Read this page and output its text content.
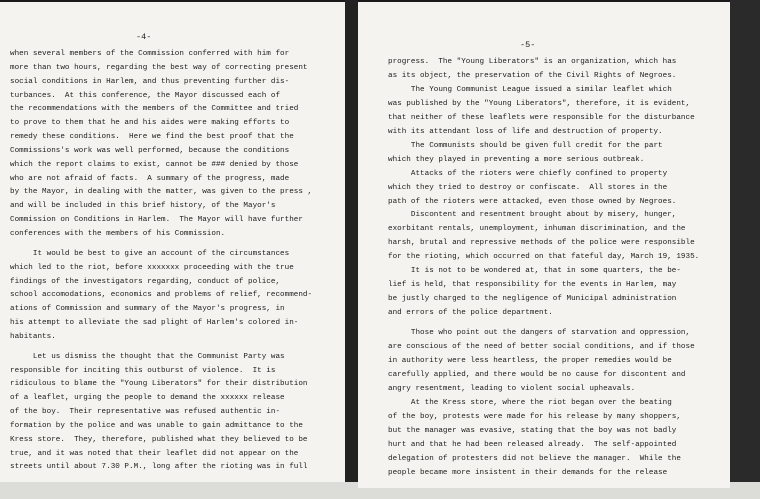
-4-
when several members of the Commission conferred with him for
more than two hours, regarding the best way of correcting present
social conditions in Harlem, and thus preventing further dis-
turbances.  At this conference, the Mayor discussed each of
the recommendations with the members of the Committee and tried
to prove to them that he and his aides were making efforts to
remedy these conditions.  Here we find the best proof that the
Commissions's work was well performed, because the conditions
which the report claims to exist, cannot be ### denied by those
who are not afraid of facts.  A summary of the progress, made
by the Mayor, in dealing with the matter, was given to the press ,
and will be included in this brief history, of the Mayor's
Commission on Conditions in Harlem.  The Mayor will have further
conferences with the members of his Commission.
It would be best to give an account of the circumstances
which led to the riot, before xxxxxxx proceeding with the true
findings of the investigators regarding, conduct of police,
school accomodations, economics and problems of relief, recommend-
ations of Commission and summary of the Mayor's progress, in
his attempt to alleviate the sad plight of Harlem's colored in-
habitants.
Let us dismiss the thought that the Communist Party was
responsible for inciting this outburst of violence.  It is
ridiculous to blame the "Young Liberators" for their distribution
of a leaflet, urging the people to demand the xxxxxx release
of the boy.  Their representative was refused authentic in-
formation by the police and was unable to gain admittance to the
Kress store.  They, therefore, published what they believed to be
true, and it was noted that their leaflet did not appear on the
streets until about 7.30 P.M., long after the rioting was in full
-5-
progress.  The "Young Liberators" is an organization, which has
as its object, the preservation of the Civil Rights of Negroes.
The Young Communist League issued a similar leaflet which
was published by the "Young Liberators", therefore, it is evident,
that neither of these leaflets were responsible for the disturbance
with its attendant loss of life and destruction of property.
The Communists should be given full credit for the part
which they played in preventing a more serious outbreak.
Attacks of the rioters were chiefly confined to property
which they tried to destroy or confiscate.  All stores in the
path of the rioters were attacked, even those owned by Negroes.
Discontent and resentment brought about by misery, hunger,
exorbitant rentals, unemployment, inhuman discrimination, and the
harsh, brutal and repressive methods of the police were responsible
for the rioting, which occurred on that fateful day, March 19, 1935.
It is not to be wondered at, that in some quarters, the be-
lief is held, that responsibility for the events in Harlem, may
be justly charged to the negligence of Municipal administration
and errors of the police department.
Those who point out the dangers of starvation and oppression,
are conscious of the need of better social conditions, and if those
in authority were less heartless, the proper remedies would be
carefully applied, and there would be no cause for discontent and
angry resentment, leading to violent social upheavals.
At the Kress store, where the riot began over the beating
of the boy, protests were made for his release by many shoppers,
but the manager was evasive, stating that the boy was not badly
hurt and that he had been released already.  The self-appointed
delegation of protesters did not believe the manager.  While the
people became more insistent in their demands for the release
